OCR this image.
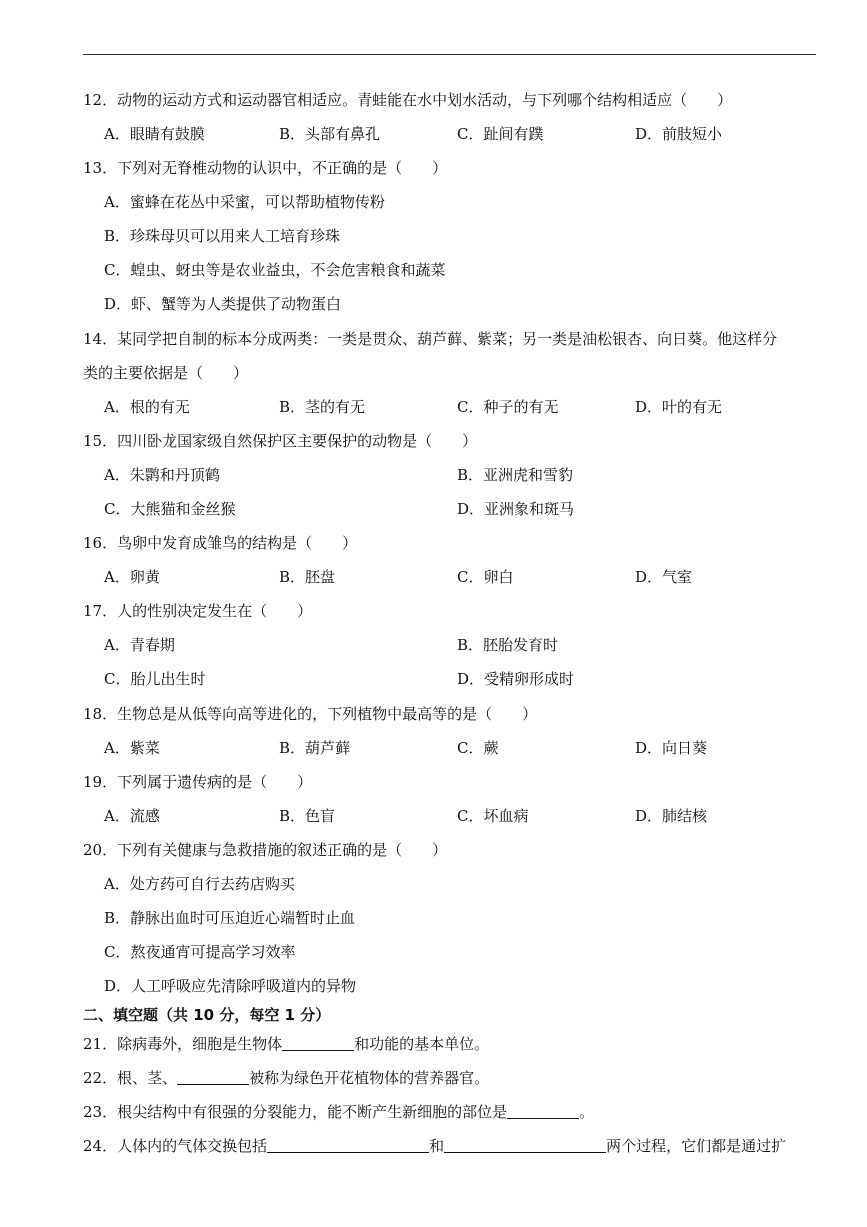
12．动物的运动方式和运动器官相适应。青蛙能在水中划水活动，与下列哪个结构相适应（　　）
A．眼睛有鼓膜	B．头部有鼻孔	C．趾间有蹼	D．前肢短小
13．下列对无脊椎动物的认识中，不正确的是（　　）
A．蜜蜂在花丛中采蜜，可以帮助植物传粉
B．珍珠母贝可以用来人工培育珍珠
C．蝗虫、蚜虫等是农业益虫，不会危害粮食和蔬菜
D．虾、蟹等为人类提供了动物蛋白
14．某同学把自制的标本分成两类：一类是贯众、葫芦藓、紫菜；另一类是油松银杏、向日葵。他这样分
类的主要依据是（　　）
A．根的有无	B．茎的有无	C．种子的有无	D．叶的有无
15．四川卧龙国家级自然保护区主要保护的动物是（　　）
A．朱鹮和丹顶鹤	B．亚洲虎和雪豹
C．大熊猫和金丝猴	D．亚洲象和斑马
16．鸟卵中发育成雏鸟的结构是（　　）
A．卵黄	B．胚盘	C．卵白	D．气室
17．人的性别决定发生在（　　）
A．青春期	B．胚胎发育时
C．胎儿出生时	D．受精卵形成时
18．生物总是从低等向高等进化的，下列植物中最高等的是（　　）
A．紫菜	B．葫芦藓	C．蕨	D．向日葵
19．下列属于遗传病的是（　　）
A．流感	B．色盲	C．坏血病	D．肺结核
20．下列有关健康与急救措施的叙述正确的是（　　）
A．处方药可自行去药店购买
B．静脉出血时可压迫近心端暂时止血
C．熬夜通宵可提高学习效率
D．人工呼吸应先清除呼吸道内的异物
二、填空题（共 10 分，每空 1 分）
21．除病毒外，细胞是生物体	和功能的基本单位。
22．根、茎、	被称为绿色开花植物体的营养器官。
23．根尖结构中有很强的分裂能力，能不断产生新细胞的部位是	。
24．人体内的气体交换包括	和	两个过程，它们都是通过扩
